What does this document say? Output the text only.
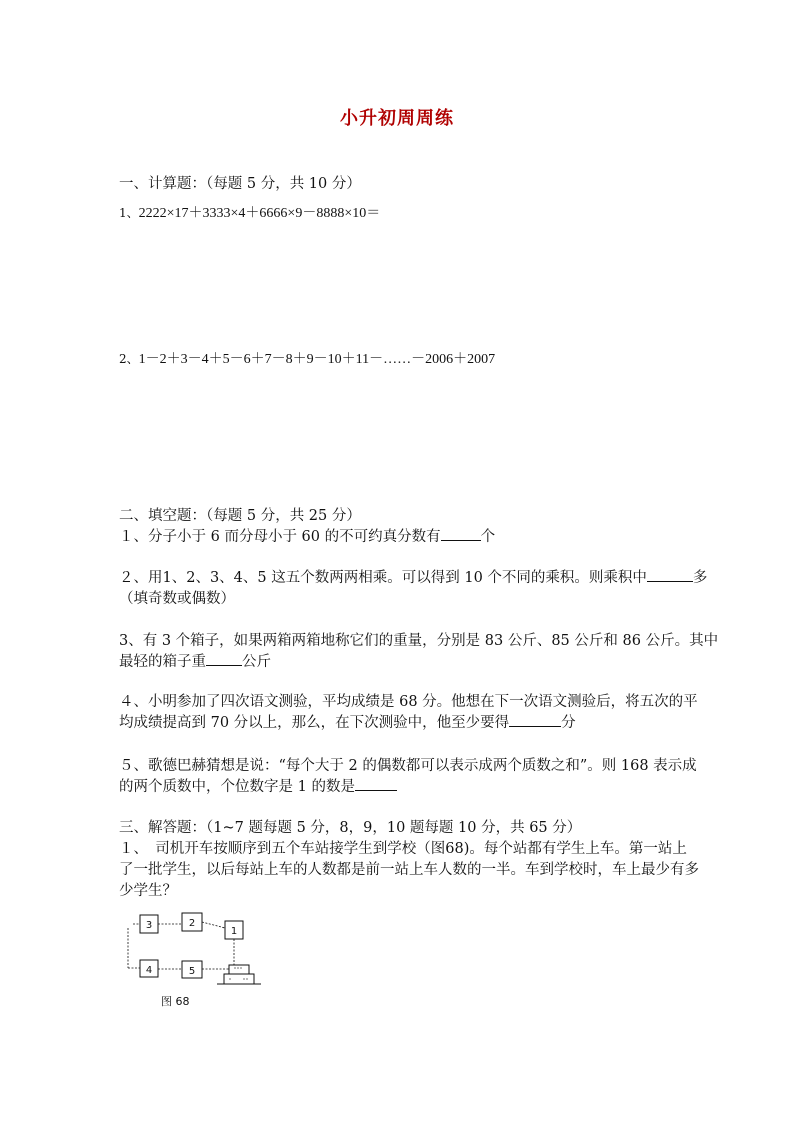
小升初周周练
一、计算题：（每题 5 分，共 10 分）
1、2222×17＋3333×4＋6666×9－8888×10＝
2、1－2＋3－4＋5－6＋7－8＋9－10＋11－……－2006＋2007
二、填空题：（每题 5 分，共 25 分）
１、分子小于 6 而分母小于 60 的不可约真分数有	个
２、用1、2、3、4、5 这五个数两两相乘。可以得到 10 个不同的乘积。则乘积中	多
（填奇数或偶数）
3、有 3 个箱子，如果两箱两箱地称它们的重量，分别是 83 公斤、85 公斤和 86 公斤。其中
最轻的箱子重 公斤
４、小明参加了四次语文测验，平均成绩是 68 分。他想在下一次语文测验后，将五次的平
均成绩提高到 70 分以上，那么，在下次测验中，他至少要得	分
５、歌德巴赫猜想是说：“每个大于 2 的偶数都可以表示成两个质数之和”。则 168 表示成
的两个质数中，个位数字是 1 的数是
三、解答题：（1~7 题每题 5 分，8，9，10 题每题 10 分，共 65 分）
１、　司机开车按顺序到五个车站接学生到学校（图68)。每个站都有学生上车。第一站上
了一批学生，以后每站上车的人数都是前一站上车人数的一半。车到学校时，车上最少有多
少学生？
3	2
1
4	5
图 68
